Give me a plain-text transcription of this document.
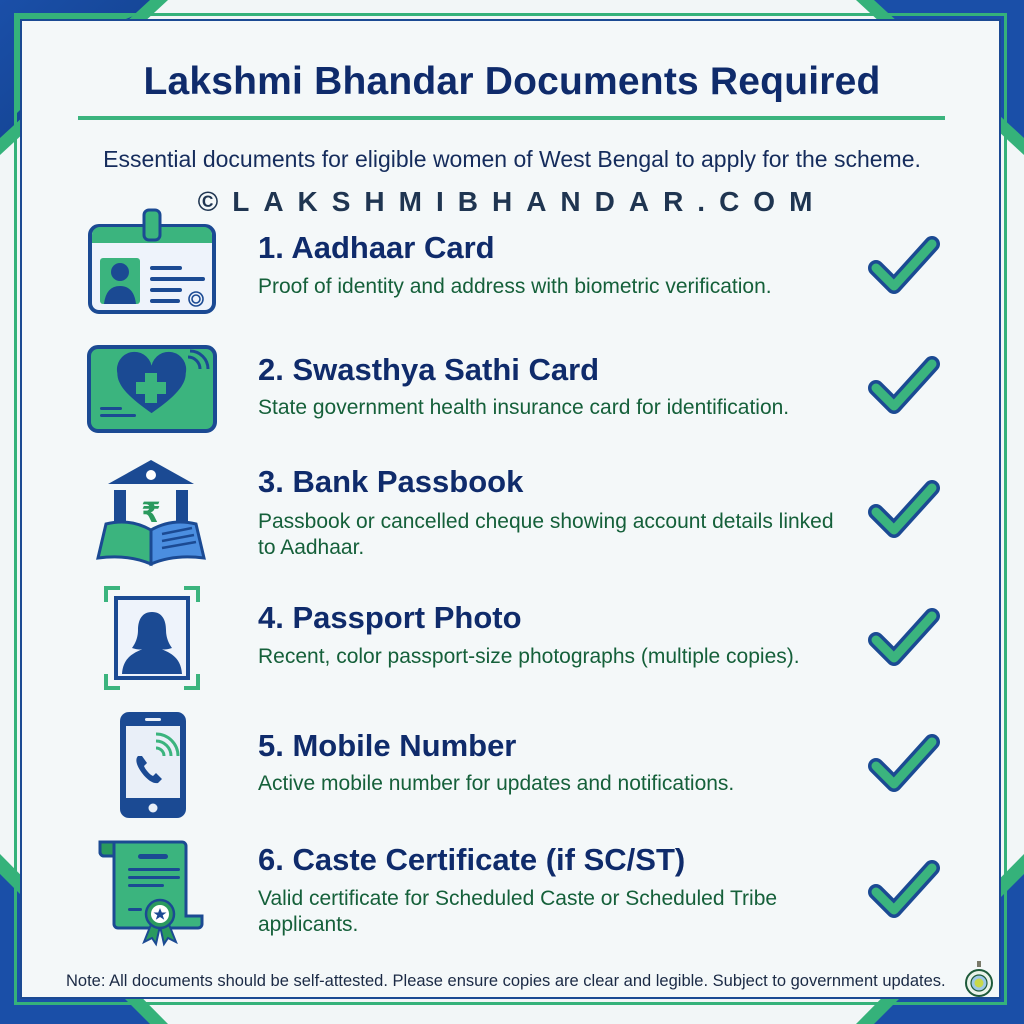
Lakshmi Bhandar Documents Required
Essential documents for eligible women of West Bengal to apply for the scheme.
©LAKSHMIBHANDAR.COM
1. Aadhaar Card
Proof of identity and address with biometric verification.
2. Swasthya Sathi Card
State government health insurance card for identification.
₹
3. Bank Passbook
Passbook or cancelled cheque showing account details linked to Aadhaar.
4. Passport Photo
Recent, color passport-size photographs (multiple copies).
5. Mobile Number
Active mobile number for updates and notifications.
6. Caste Certificate (if SC/ST)
Valid certificate for Scheduled Caste or Scheduled Tribe applicants.
Note: All documents should be self-attested. Please ensure copies are clear and legible. Subject to government updates.
